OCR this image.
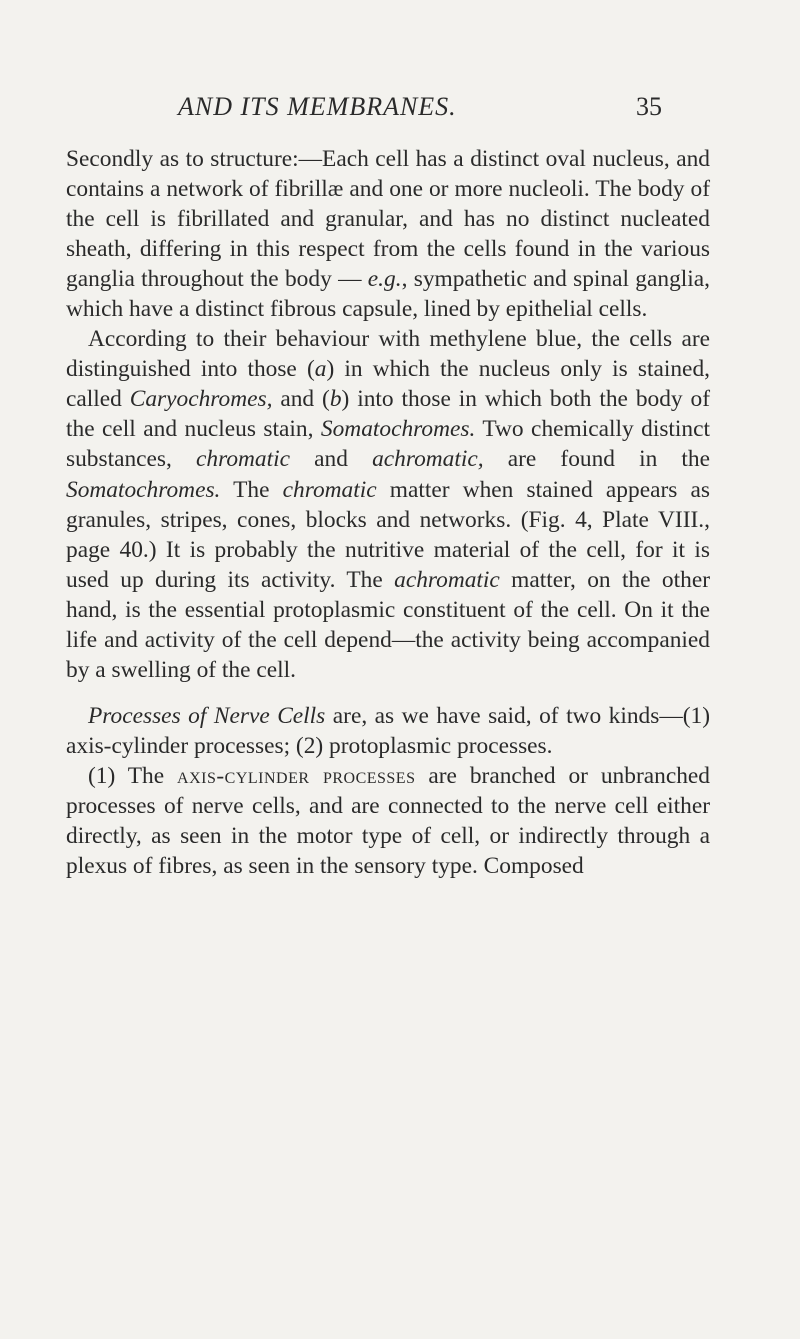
AND ITS MEMBRANES.	35

Secondly as to structure:—Each cell has a distinct oval nucleus, and contains a network of fibrillæ and one or more nucleoli. The body of the cell is fibrillated and granular, and has no distinct nucleated sheath, differing in this respect from the cells found in the various ganglia throughout the body — e.g., sympathetic and spinal ganglia, which have a distinct fibrous capsule, lined by epithelial cells.

According to their behaviour with methylene blue, the cells are distinguished into those (a) in which the nucleus only is stained, called Caryochromes, and (b) into those in which both the body of the cell and nucleus stain, Somatochromes. Two chemically distinct substances, chromatic and achromatic, are found in the Somatochromes. The chromatic matter when stained appears as granules, stripes, cones, blocks and networks. (Fig. 4, Plate VIII., page 40.) It is probably the nutritive material of the cell, for it is used up during its activity. The achromatic matter, on the other hand, is the essential protoplasmic constituent of the cell. On it the life and activity of the cell depend—the activity being accompanied by a swelling of the cell.

Processes of Nerve Cells are, as we have said, of two kinds—(1) axis-cylinder processes; (2) protoplasmic processes.

(1) The axis-cylinder processes are branched or unbranched processes of nerve cells, and are connected to the nerve cell either directly, as seen in the motor type of cell, or indirectly through a plexus of fibres, as seen in the sensory type. Composed
